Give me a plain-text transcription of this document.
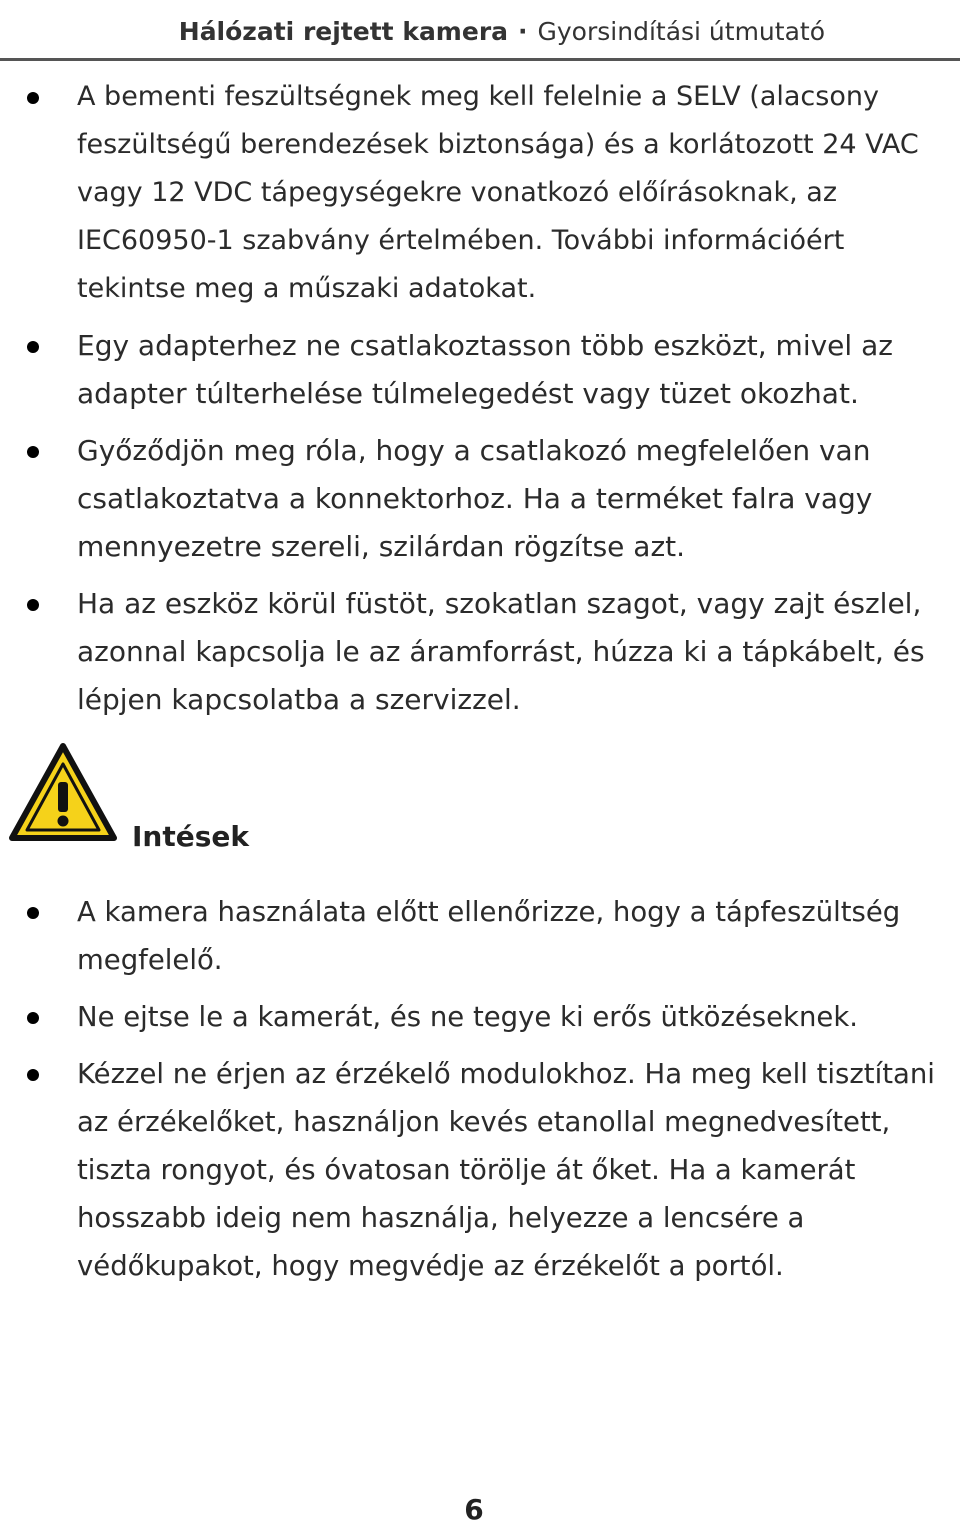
Hálózati rejtett kamera · Gyorsindítási útmutató
A bementi feszültségnek meg kell felelnie a SELV (alacsony feszültségű berendezések biztonsága) és a korlátozott 24 VAC vagy 12 VDC tápegységekre vonatkozó előírásoknak, az IEC60950-1 szabvány értelmében. További információért tekintse meg a műszaki adatokat.
Egy adapterhez ne csatlakoztasson több eszközt, mivel az adapter túlterhelése túlmelegedést vagy tüzet okozhat.
Győződjön meg róla, hogy a csatlakozó megfelelően van csatlakoztatva a konnektorhoz. Ha a terméket falra vagy mennyezetre szereli, szilárdan rögzítse azt.
Ha az eszköz körül füstöt, szokatlan szagot, vagy zajt észlel, azonnal kapcsolja le az áramforrást, húzza ki a tápkábelt, és lépjen kapcsolatba a szervizzel.
Intések
A kamera használata előtt ellenőrizze, hogy a tápfeszültség megfelelő.
Ne ejtse le a kamerát, és ne tegye ki erős ütközéseknek.
Kézzel ne érjen az érzékelő modulokhoz. Ha meg kell tisztítani az érzékelőket, használjon kevés etanollal megnedvesített, tiszta rongyot, és óvatosan törölje át őket. Ha a kamerát hosszabb ideig nem használja, helyezze a lencsére a védőkupakot, hogy megvédje az érzékelőt a portól.
6
